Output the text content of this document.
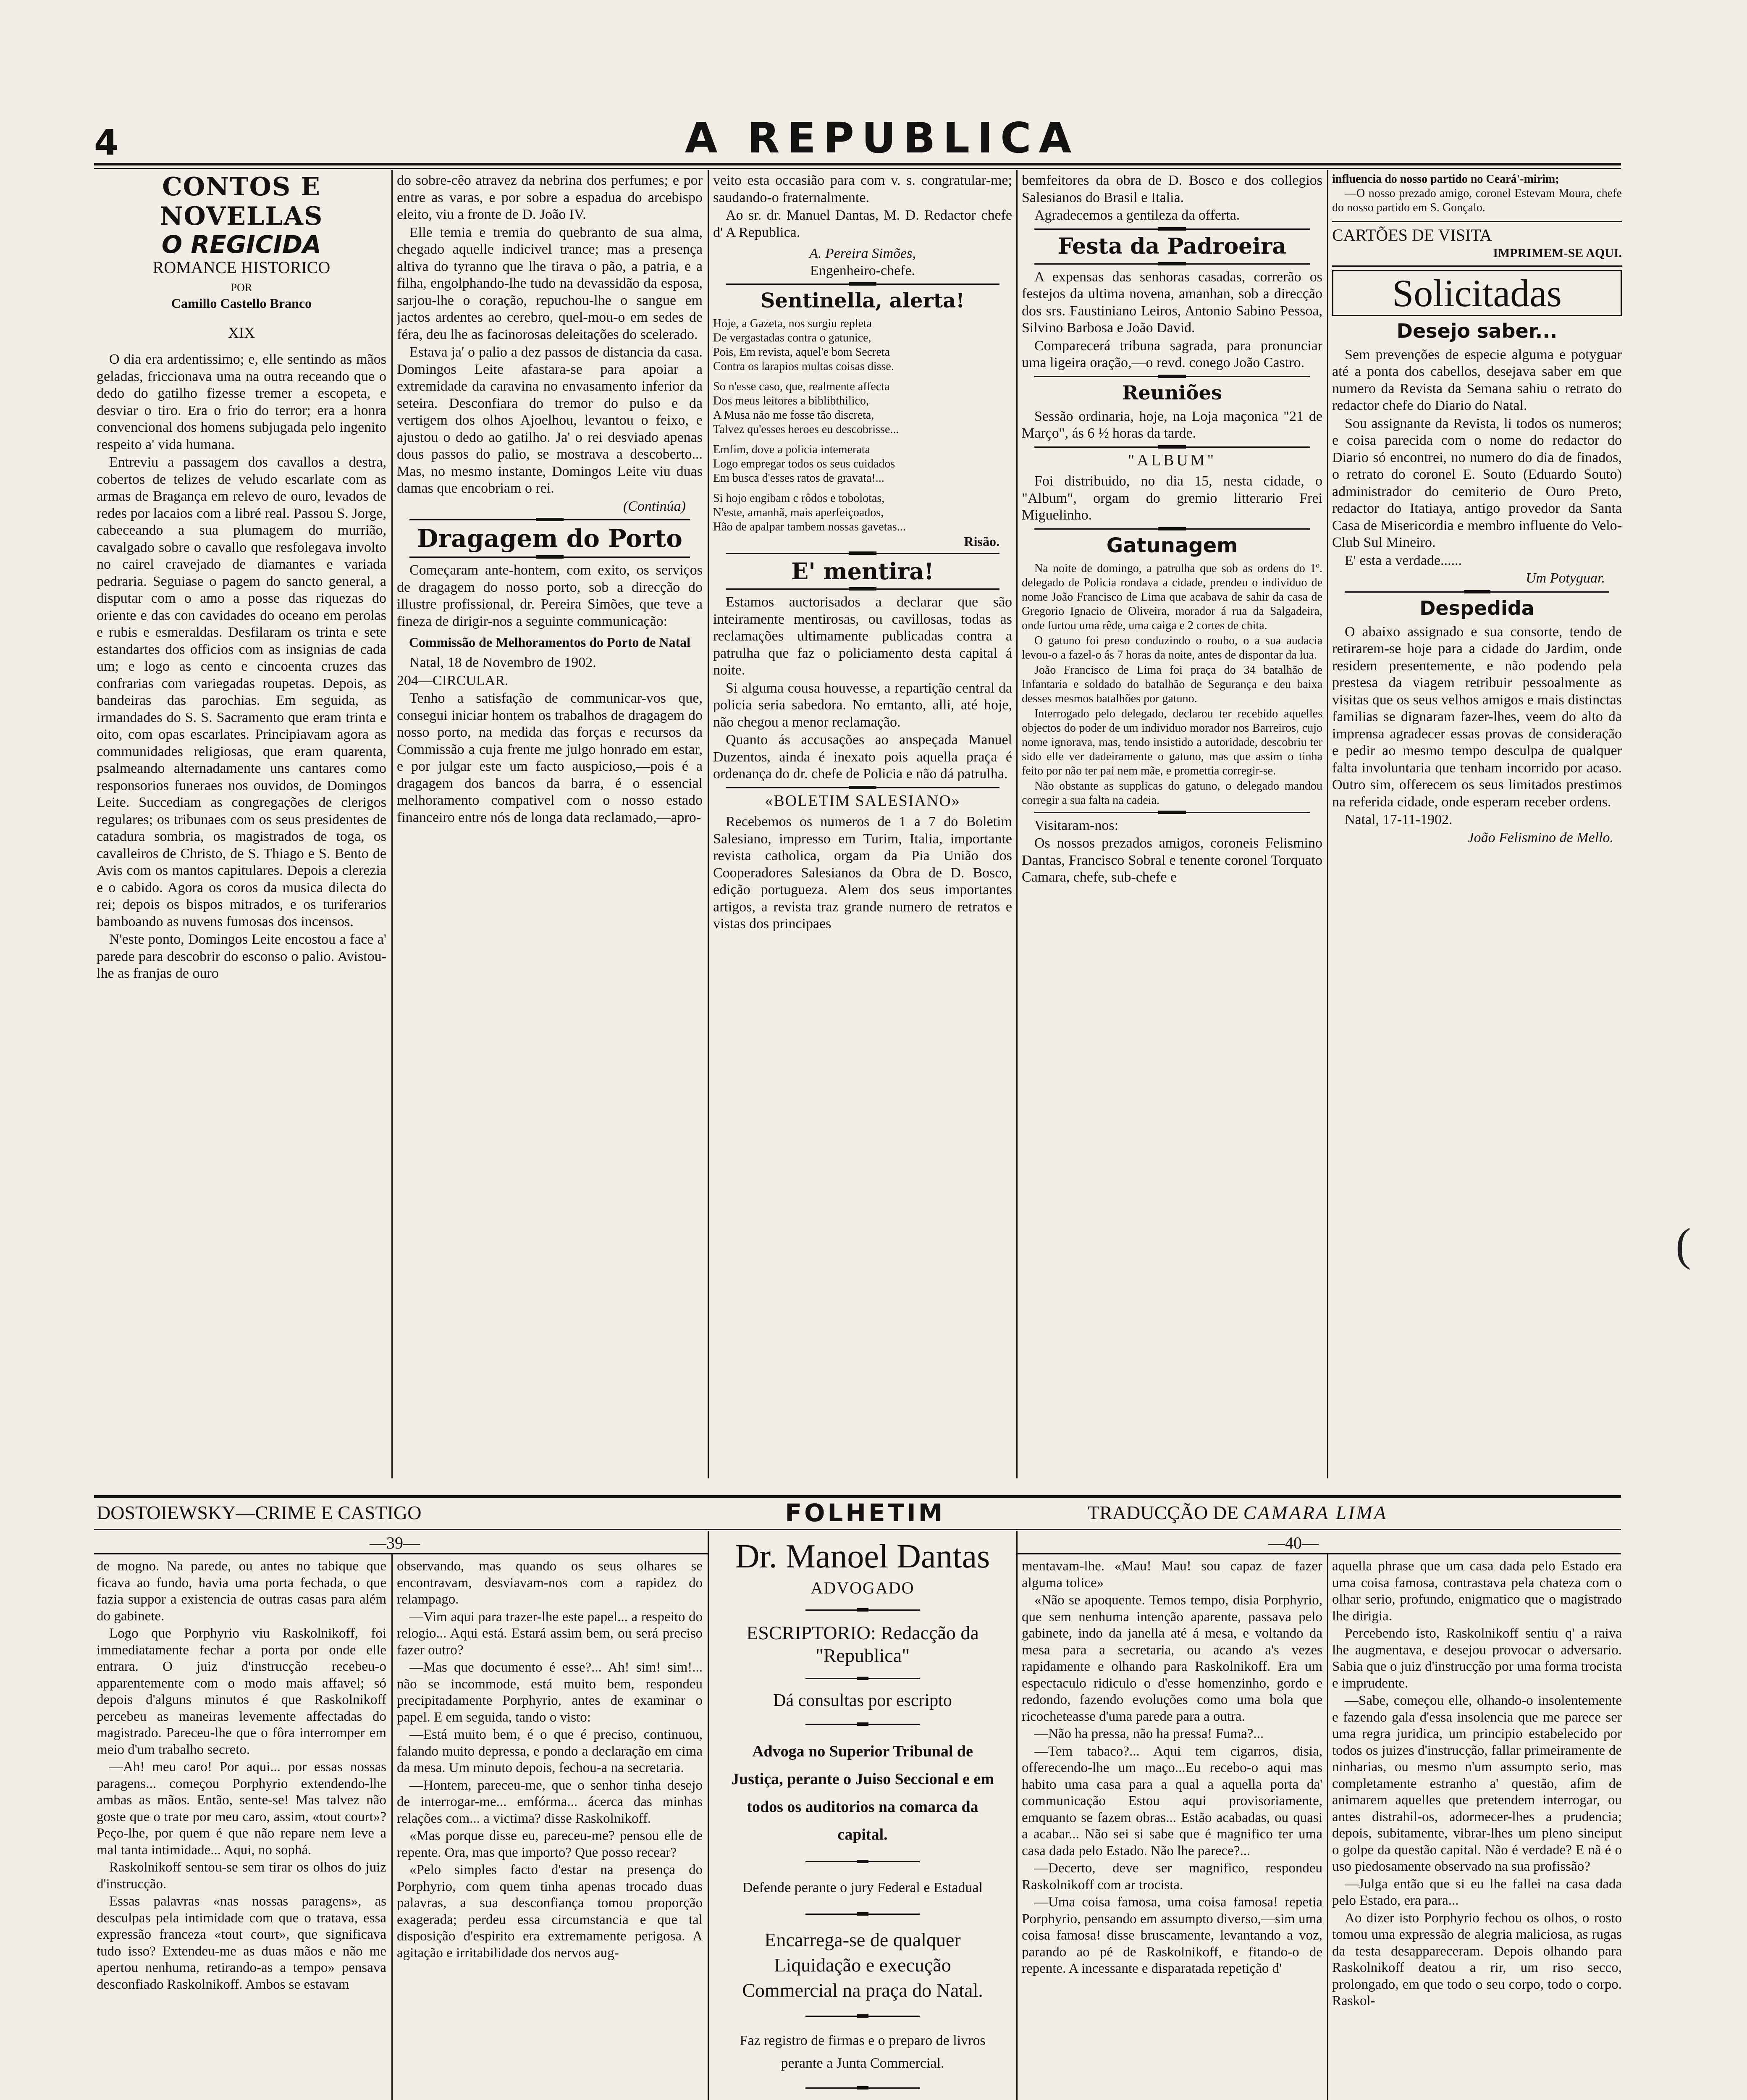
4	A REPUBLICA
CONTOS E NOVELLAS
O REGICIDA
ROMANCE HISTORICO
POR
Camillo Castello Branco
XIX

O dia era ardentissimo; e, elle sentindo as mãos geladas, friccionava uma na outra receando que o dedo do gatilho fizesse tremer a escopeta, e desviar o tiro. Era o frio do terror; era a honra convencional dos homens subjugada pelo ingenito respeito a' vida humana.

Entreviu a passagem dos cavallos a destra, cobertos de telizes de veludo escarlate com as armas de Bragança em relevo de ouro, levados de redes por lacaios com a libré real. Passou S. Jorge, cabeceando a sua plumagem do murrião, cavalgado sobre o cavallo que resfolegava involto no cairel cravejado de diamantes e variada pedraria. Seguiase o pagem do sancto general, a disputar com o amo a posse das riquezas do oriente e das con cavidades do oceano em perolas e rubis e esmeraldas. Desfilaram os trinta e sete estandartes dos officios com as insignias de cada um; e logo as cento e cincoenta cruzes das confrarias com variegadas roupetas. Depois, as bandeiras das parochias. Em seguida, as irmandades do S. S. Sacramento que eram trinta e oito, com opas escarlates. Principiavam agora as communidades religiosas, que eram quarenta, psalmeando alternadamente uns cantares como responsorios funeraes nos ouvidos, de Domingos Leite. Succediam as congregações de clerigos regulares; os tribunaes com os seus presidentes de catadura sombria, os magistrados de toga, os cavalleiros de Christo, de S. Thiago e S. Bento de Avis com os mantos capitulares. Depois a clerezia e o cabido. Agora os coros da musica dilecta do rei; depois os bispos mitrados, e os turiferarios bamboando as nuvens fumosas dos incensos.

N'este ponto, Domingos Leite encostou a face a' parede para descobrir do esconso o palio. Avistou-lhe as franjas de ouro

do sobre-cêo atravez da nebrina dos perfumes; e por entre as varas, e por sobre a espadua do arcebispo eleito, viu a fronte de D. João IV.

Elle temia e tremia do quebranto de sua alma, chegado aquelle indicivel trance; mas a presença altiva do tyranno que lhe tirava o pão, a patria, e a filha, engolphando-lhe tudo na devassidão da esposa, sarjou-lhe o coração, repuchou-lhe o sangue em jactos ardentes ao cerebro, quel-mou-o em sedes de féra, deu lhe as facinorosas deleitações do scelerado.

Estava ja' o palio a dez passos de distancia da casa. Domingos Leite afastara-se para apoiar a extremidade da caravina no envasamento inferior da seteira. Desconfiara do tremor do pulso e da vertigem dos olhos Ajoelhou, levantou o feixo, e ajustou o dedo ao gatilho. Ja' o rei desviado apenas dous passos do palio, se mostrava a descoberto... Mas, no mesmo instante, Domingos Leite viu duas damas que encobriam o rei.

(Continúa)
Dragagem do Porto

Começaram ante-hontem, com exito, os serviços de dragagem do nosso porto, sob a direcção do illustre profissional, dr. Pereira Simões, que teve a fineza de dirigir-nos a seguinte communicação:

Commissão de Melhoramentos do Porto de Natal

Natal, 18 de Novembro de 1902.

204—CIRCULAR.

Tenho a satisfação de communicar-vos que, consegui iniciar hontem os trabalhos de dragagem do nosso porto, na medida das forças e recursos da Commissão a cuja frente me julgo honrado em estar, e por julgar este um facto auspicioso,—pois é a dragagem dos bancos da barra, é o essencial melhoramento compativel com o nosso estado financeiro entre nós de longa data reclamado,—apro-

veito esta occasião para com v. s. congratular-me; saudando-o fraternalmente.

Ao sr. dr. Manuel Dantas, M. D. Redactor chefe d' A Republica.

A. Pereira Simões,
Engenheiro-chefe.
Sentinella, alerta!
Hoje, a Gazeta, nos surgiu repleta
De vergastadas contra o gatunice,
Pois, Em revista, aquel'e bom Secreta
Contra os larapios multas coisas disse.
So n'esse caso, que, realmente affecta
Dos meus leitores a biblibthilico,
A Musa não me fosse tão discreta,
Talvez qu'esses heroes eu descobrisse...
Emfim, dove a policia intemerata
Logo empregar todos os seus cuidados
Em busca d'esses ratos de gravata!...
Si hojo engibam c rôdos e tobolotas,
N'este, amanhã, mais aperfeiçoados,
Hão de apalpar tambem nossas gavetas...
Risão.
E' mentira!

Estamos auctorisados a declarar que são inteiramente mentirosas, ou cavillosas, todas as reclamações ultimamente publicadas contra a patrulha que faz o policiamento desta capital á noite.

Si alguma cousa houvesse, a repartição central da policia seria sabedora. No emtanto, alli, até hoje, não chegou a menor reclamação.

Quanto ás accusações ao anspeçada Manuel Duzentos, ainda é inexato pois aquella praça é ordenança do dr. chefe de Policia e não dá patrulha.

«BOLETIM SALESIANO»

Recebemos os numeros de 1 a 7 do Boletim Salesiano, impresso em Turim, Italia, importante revista catholica, orgam da Pia União dos Cooperadores Salesianos da Obra de D. Bosco, edição portugueza. Alem dos seus importantes artigos, a revista traz grande numero de retratos e vistas dos principaes

bemfeitores da obra de D. Bosco e dos collegios Salesianos do Brasil e Italia.

Agradecemos a gentileza da offerta.

Festa da Padroeira

A expensas das senhoras casadas, correrão os festejos da ultima novena, amanhan, sob a direcção dos srs. Faustiniano Leiros, Antonio Sabino Pessoa, Silvino Barbosa e João David.

Comparecerá tribuna sagrada, para pronunciar uma ligeira oração,—o revd. conego João Castro.

Reuniões

Sessão ordinaria, hoje, na Loja maçonica "21 de Março", ás 6 ½ horas da tarde.

"ALBUM"

Foi distribuido, no dia 15, nesta cidade, o "Album", orgam do gremio litterario Frei Miguelinho.

Gatunagem

Na noite de domingo, a patrulha que sob as ordens do 1º. delegado de Policia rondava a cidade, prendeu o individuo de nome João Francisco de Lima que acabava de sahir da casa de Gregorio Ignacio de Oliveira, morador á rua da Salgadeira, onde furtou uma rêde, uma caiga e 2 cortes de chita.

O gatuno foi preso conduzindo o roubo, o a sua audacia levou-o a fazel-o ás 7 horas da noite, antes de dispontar da lua.

João Francisco de Lima foi praça do 34 batalhão de Infantaria e soldado do batalhão de Segurança e deu baixa desses mesmos batalhões por gatuno.

Interrogado pelo delegado, declarou ter recebido aquelles objectos do poder de um individuo morador nos Barreiros, cujo nome ignorava, mas, tendo insistido a autoridade, descobriu ter sido elle ver dadeiramente o gatuno, mas que assim o tinha feito por não ter pai nem mãe, e promettia corregir-se.

Não obstante as supplicas do gatuno, o delegado mandou corregir a sua falta na cadeia.

Visitaram-nos:

Os nossos prezados amigos, coroneis Felismino Dantas, Francisco Sobral e tenente coronel Torquato Camara, chefe, sub-chefe e

influencia do nosso partido no Ceará'-mirim;
—O nosso prezado amigo, coronel Estevam Moura, chefe do nosso partido em S. Gonçalo.
CARTÕES DE VISITA
IMPRIMEM-SE AQUI.
Solicitadas
Desejo saber...

Sem prevenções de especie alguma e potyguar até a ponta dos cabellos, desejava saber em que numero da Revista da Semana sahiu o retrato do redactor chefe do Diario do Natal.

Sou assignante da Revista, li todos os numeros; e coisa parecida com o nome do redactor do Diario só encontrei, no numero do dia de finados, o retrato do coronel E. Souto (Eduardo Souto) administrador do cemiterio de Ouro Preto, redactor do Itatiaya, antigo provedor da Santa Casa de Misericordia e membro influente do Velo-Club Sul Mineiro.

E' esta a verdade......

Um Potyguar.
Despedida

O abaixo assignado e sua consorte, tendo de retirarem-se hoje para a cidade do Jardim, onde residem presentemente, e não podendo pela prestesa da viagem retribuir pessoalmente as visitas que os seus velhos amigos e mais distinctas familias se dignaram fazer-lhes, veem do alto da imprensa agradecer essas provas de consideração e pedir ao mesmo tempo desculpa de qualquer falta involuntaria que tenham incorrido por acaso. Outro sim, offerecem os seus limitados prestimos na referida cidade, onde esperam receber ordens.

Natal, 17-11-1902.

João Felismino de Mello.
DOSTOIEWSKY—CRIME E CASTIGO	FOLHETIM	TRADUCÇÃO DE CAMARA LIMA
—39—

de mogno. Na parede, ou antes no tabique que ficava ao fundo, havia uma porta fechada, o que fazia suppor a existencia de outras casas para além do gabinete.

Logo que Porphyrio viu Raskolnikoff, foi immediatamente fechar a porta por onde elle entrara. O juiz d'instrucção recebeu-o apparentemente com o modo mais affavel; só depois d'alguns minutos é que Raskolnikoff percebeu as maneiras levemente affectadas do magistrado. Pareceu-lhe que o fôra interromper em meio d'um trabalho secreto.

—Ah! meu caro! Por aqui... por essas nossas paragens... começou Porphyrio extendendo-lhe ambas as mãos. Então, sente-se! Mas talvez não goste que o trate por meu caro, assim, «tout court»? Peço-lhe, por quem é que não repare nem leve a mal tanta intimidade... Aqui, no sophá.

Raskolnikoff sentou-se sem tirar os olhos do juiz d'instrucção.

Essas palavras «nas nossas paragens», as desculpas pela intimidade com que o tratava, essa expressão franceza «tout court», que significava tudo isso? Extendeu-me as duas mãos e não me apertou nenhuma, retirando-as a tempo» pensava desconfiado Raskolnikoff. Ambos se estavam

observando, mas quando os seus olhares se encontravam, desviavam-nos com a rapidez do relampago.

—Vim aqui para trazer-lhe este papel... a respeito do relogio... Aqui está. Estará assim bem, ou será preciso fazer outro?

—Mas que documento é esse?... Ah! sim! sim!... não se incommode, está muito bem, respondeu precipitadamente Porphyrio, antes de examinar o papel. E em seguida, tando o visto:

—Está muito bem, é o que é preciso, continuou, falando muito depressa, e pondo a declaração em cima da mesa. Um minuto depois, fechou-a na secretaria.

—Hontem, pareceu-me, que o senhor tinha desejo de interrogar-me... emfórma... ácerca das minhas relações com... a victima? disse Raskolnikoff.

«Mas porque disse eu, pareceu-me? pensou elle de repente. Ora, mas que importo? Que posso recear?

«Pelo simples facto d'estar na presença do Porphyrio, com quem tinha apenas trocado duas palavras, a sua desconfiança tomou proporção exagerada; perdeu essa circumstancia e que tal disposição d'espirito era extremamente perigosa. A agitação e irritabilidade dos nervos aug-

Dr. Manoel Dantas
ADVOGADO
ESCRIPTORIO: Redacção da "Republica"
Dá consultas por escripto
Advoga no Superior Tribunal de Justiça, perante o Juiso Seccional e em todos os auditorios na comarca da capital.
Defende perante o jury Federal e Estadual
Encarrega-se de qualquer Liquidação e execução Commercial na praça do Natal.
Faz registro de firmas e o preparo de livros perante a Junta Commercial.

mentavam-lhe. «Mau! Mau! sou capaz de fazer alguma tolice»

«Não se apoquente. Temos tempo, disia Porphyrio, que sem nenhuma intenção aparente, passava pelo gabinete, indo da janella até á mesa, e voltando da mesa para a secretaria, ou acando a's vezes rapidamente e olhando para Raskolnikoff. Era um espectaculo ridiculo o d'esse homenzinho, gordo e redondo, fazendo evoluções como uma bola que ricocheteasse d'uma parede para a outra.

—Não ha pressa, não ha pressa! Fuma?...

—Tem tabaco?... Aqui tem cigarros, disia, offerecendo-lhe um maço...Eu recebo-o aqui mas habito uma casa para a qual a aquella porta da' communicação Estou aqui provisoriamente, emquanto se fazem obras... Estão acabadas, ou quasi a acabar... Não sei si sabe que é magnifico ter uma casa dada pelo Estado. Não lhe parece?...

—Decerto, deve ser magnifico, respondeu Raskolnikoff com ar trocista.

—Uma coisa famosa, uma coisa famosa! repetia Porphyrio, pensando em assumpto diverso,—sim uma coisa famosa! disse bruscamente, levantando a voz, parando ao pé de Raskolnikoff, e fitando-o de repente. A incessante e disparatada repetição d'

—40—

aquella phrase que um casa dada pelo Estado era uma coisa famosa, contrastava pela chateza com o olhar serio, profundo, enigmatico que o magistrado lhe dirigia.

Percebendo isto, Raskolnikoff sentiu q' a raiva lhe augmentava, e desejou provocar o adversario. Sabia que o juiz d'instrucção por uma forma trocista e imprudente.

—Sabe, começou elle, olhando-o insolentemente e fazendo gala d'essa insolencia que me parece ser uma regra juridica, um principio estabelecido por todos os juizes d'instrucção, fallar primeiramente de ninharias, ou mesmo n'um assumpto serio, mas completamente estranho a' questão, afim de animarem aquelles que pretendem interrogar, ou antes distrahil-os, adormecer-lhes a prudencia; depois, subitamente, vibrar-lhes um pleno sinciput o golpe da questão capital. Não é verdade? E nã é o uso piedosamente observado na sua profissão?

—Julga então que si eu lhe fallei na casa dada pelo Estado, era para...

Ao dizer isto Porphyrio fechou os olhos, o rosto tomou uma expressão de alegria maliciosa, as rugas da testa desappareceram. Depois olhando para Raskolnikoff deatou a rir, um riso secco, prolongado, em que todo o seu corpo, todo o corpo. Raskol-

(
